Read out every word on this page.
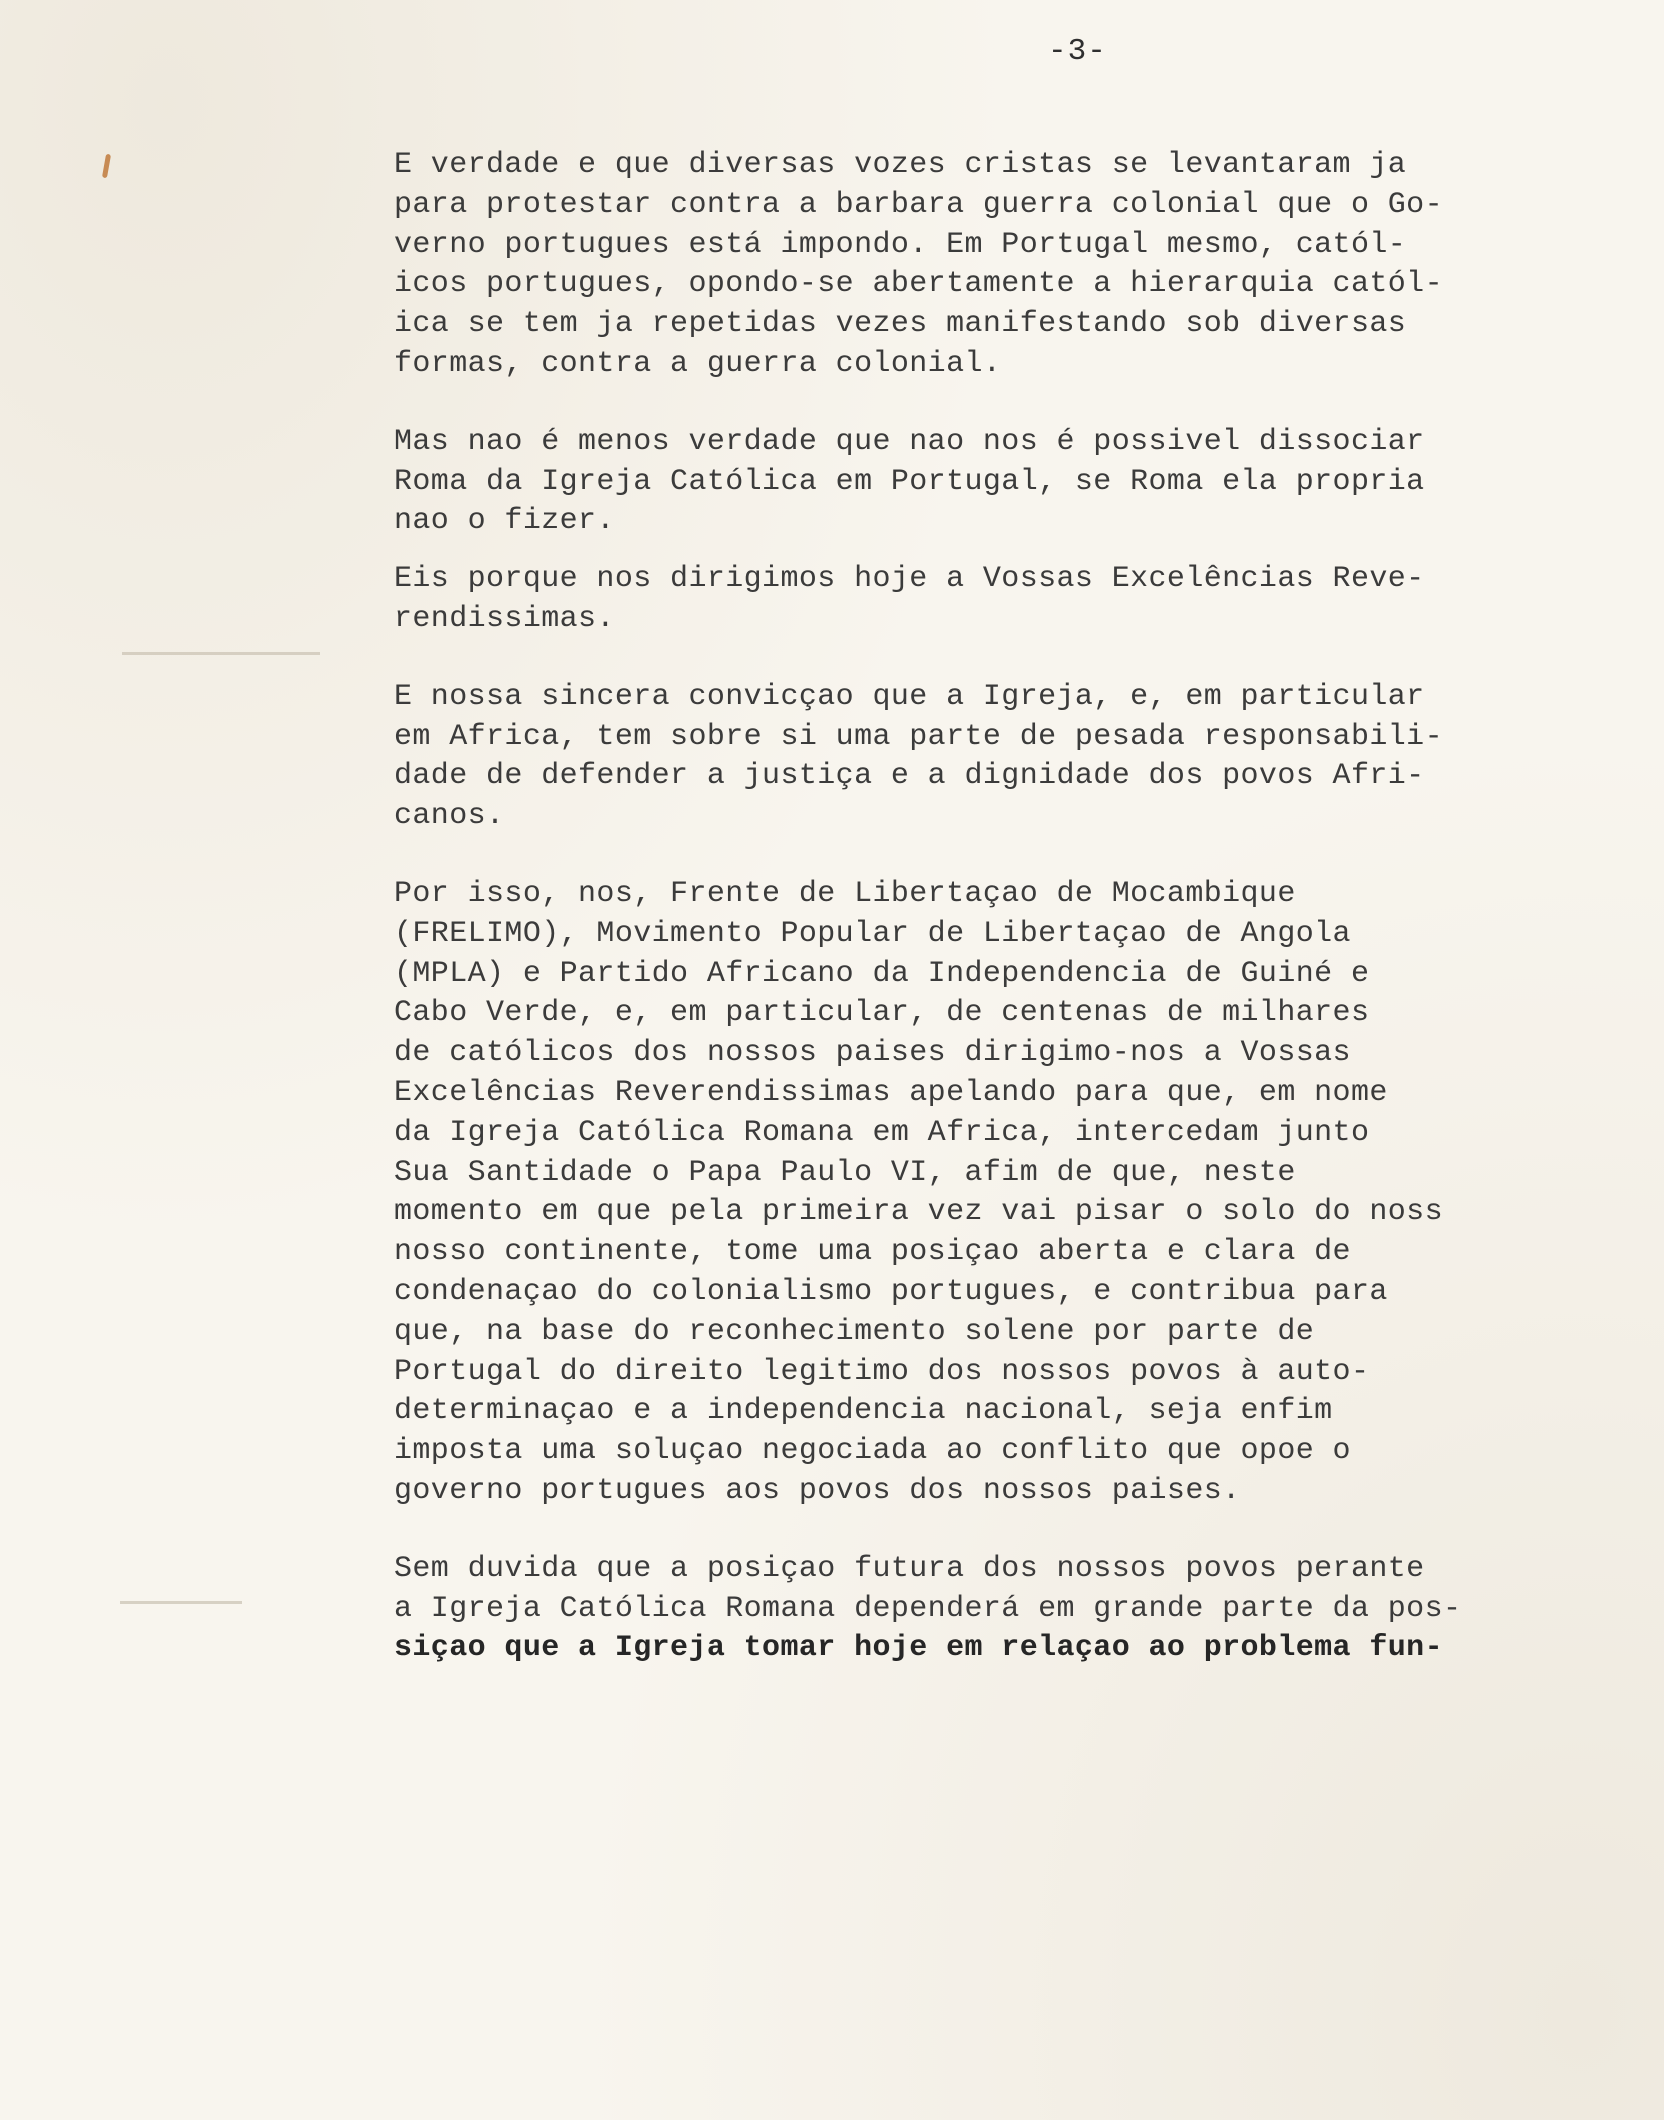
-3-
E verdade e que diversas vozes cristas se levantaram ja
para protestar contra a barbara guerra colonial que o Go-
verno portugues está impondo. Em Portugal mesmo, catól-
icos portugues, opondo-se abertamente a hierarquia catól-
ica se tem ja repetidas vezes manifestando sob diversas
formas, contra a guerra colonial.
Mas nao é menos verdade que nao nos é possivel dissociar
Roma da Igreja Católica em Portugal, se Roma ela propria
nao o fizer.
Eis porque nos dirigimos hoje a Vossas Excelências Reve-
rendissimas.
E nossa sincera convicçao que a Igreja, e, em particular
em Africa, tem sobre si uma parte de pesada responsabili-
dade de defender a justiça e a dignidade dos povos Afri-
canos.
Por isso, nos, Frente de Libertaçao de Mocambique
(FRELIMO), Movimento Popular de Libertaçao de Angola
(MPLA) e Partido Africano da Independencia de Guiné e
Cabo Verde, e, em particular, de centenas de milhares
de católicos dos nossos paises dirigimo-nos a Vossas
Excelências Reverendissimas apelando para que, em nome
da Igreja Católica Romana em Africa, intercedam junto
Sua Santidade o Papa Paulo VI, afim de que, neste
momento em que pela primeira vez vai pisar o solo do noss
nosso continente, tome uma posiçao aberta e clara de
condenaçao do colonialismo portugues, e contribua para
que, na base do reconhecimento solene por parte de
Portugal do direito legitimo dos nossos povos à auto-
determinaçao e a independencia nacional, seja enfim
imposta uma soluçao negociada ao conflito que opoe o
governo portugues aos povos dos nossos paises.
Sem duvida que a posiçao futura dos nossos povos perante
a Igreja Católica Romana dependerá em grande parte da pos-
siçao que a Igreja tomar hoje em relaçao ao problema fun-
